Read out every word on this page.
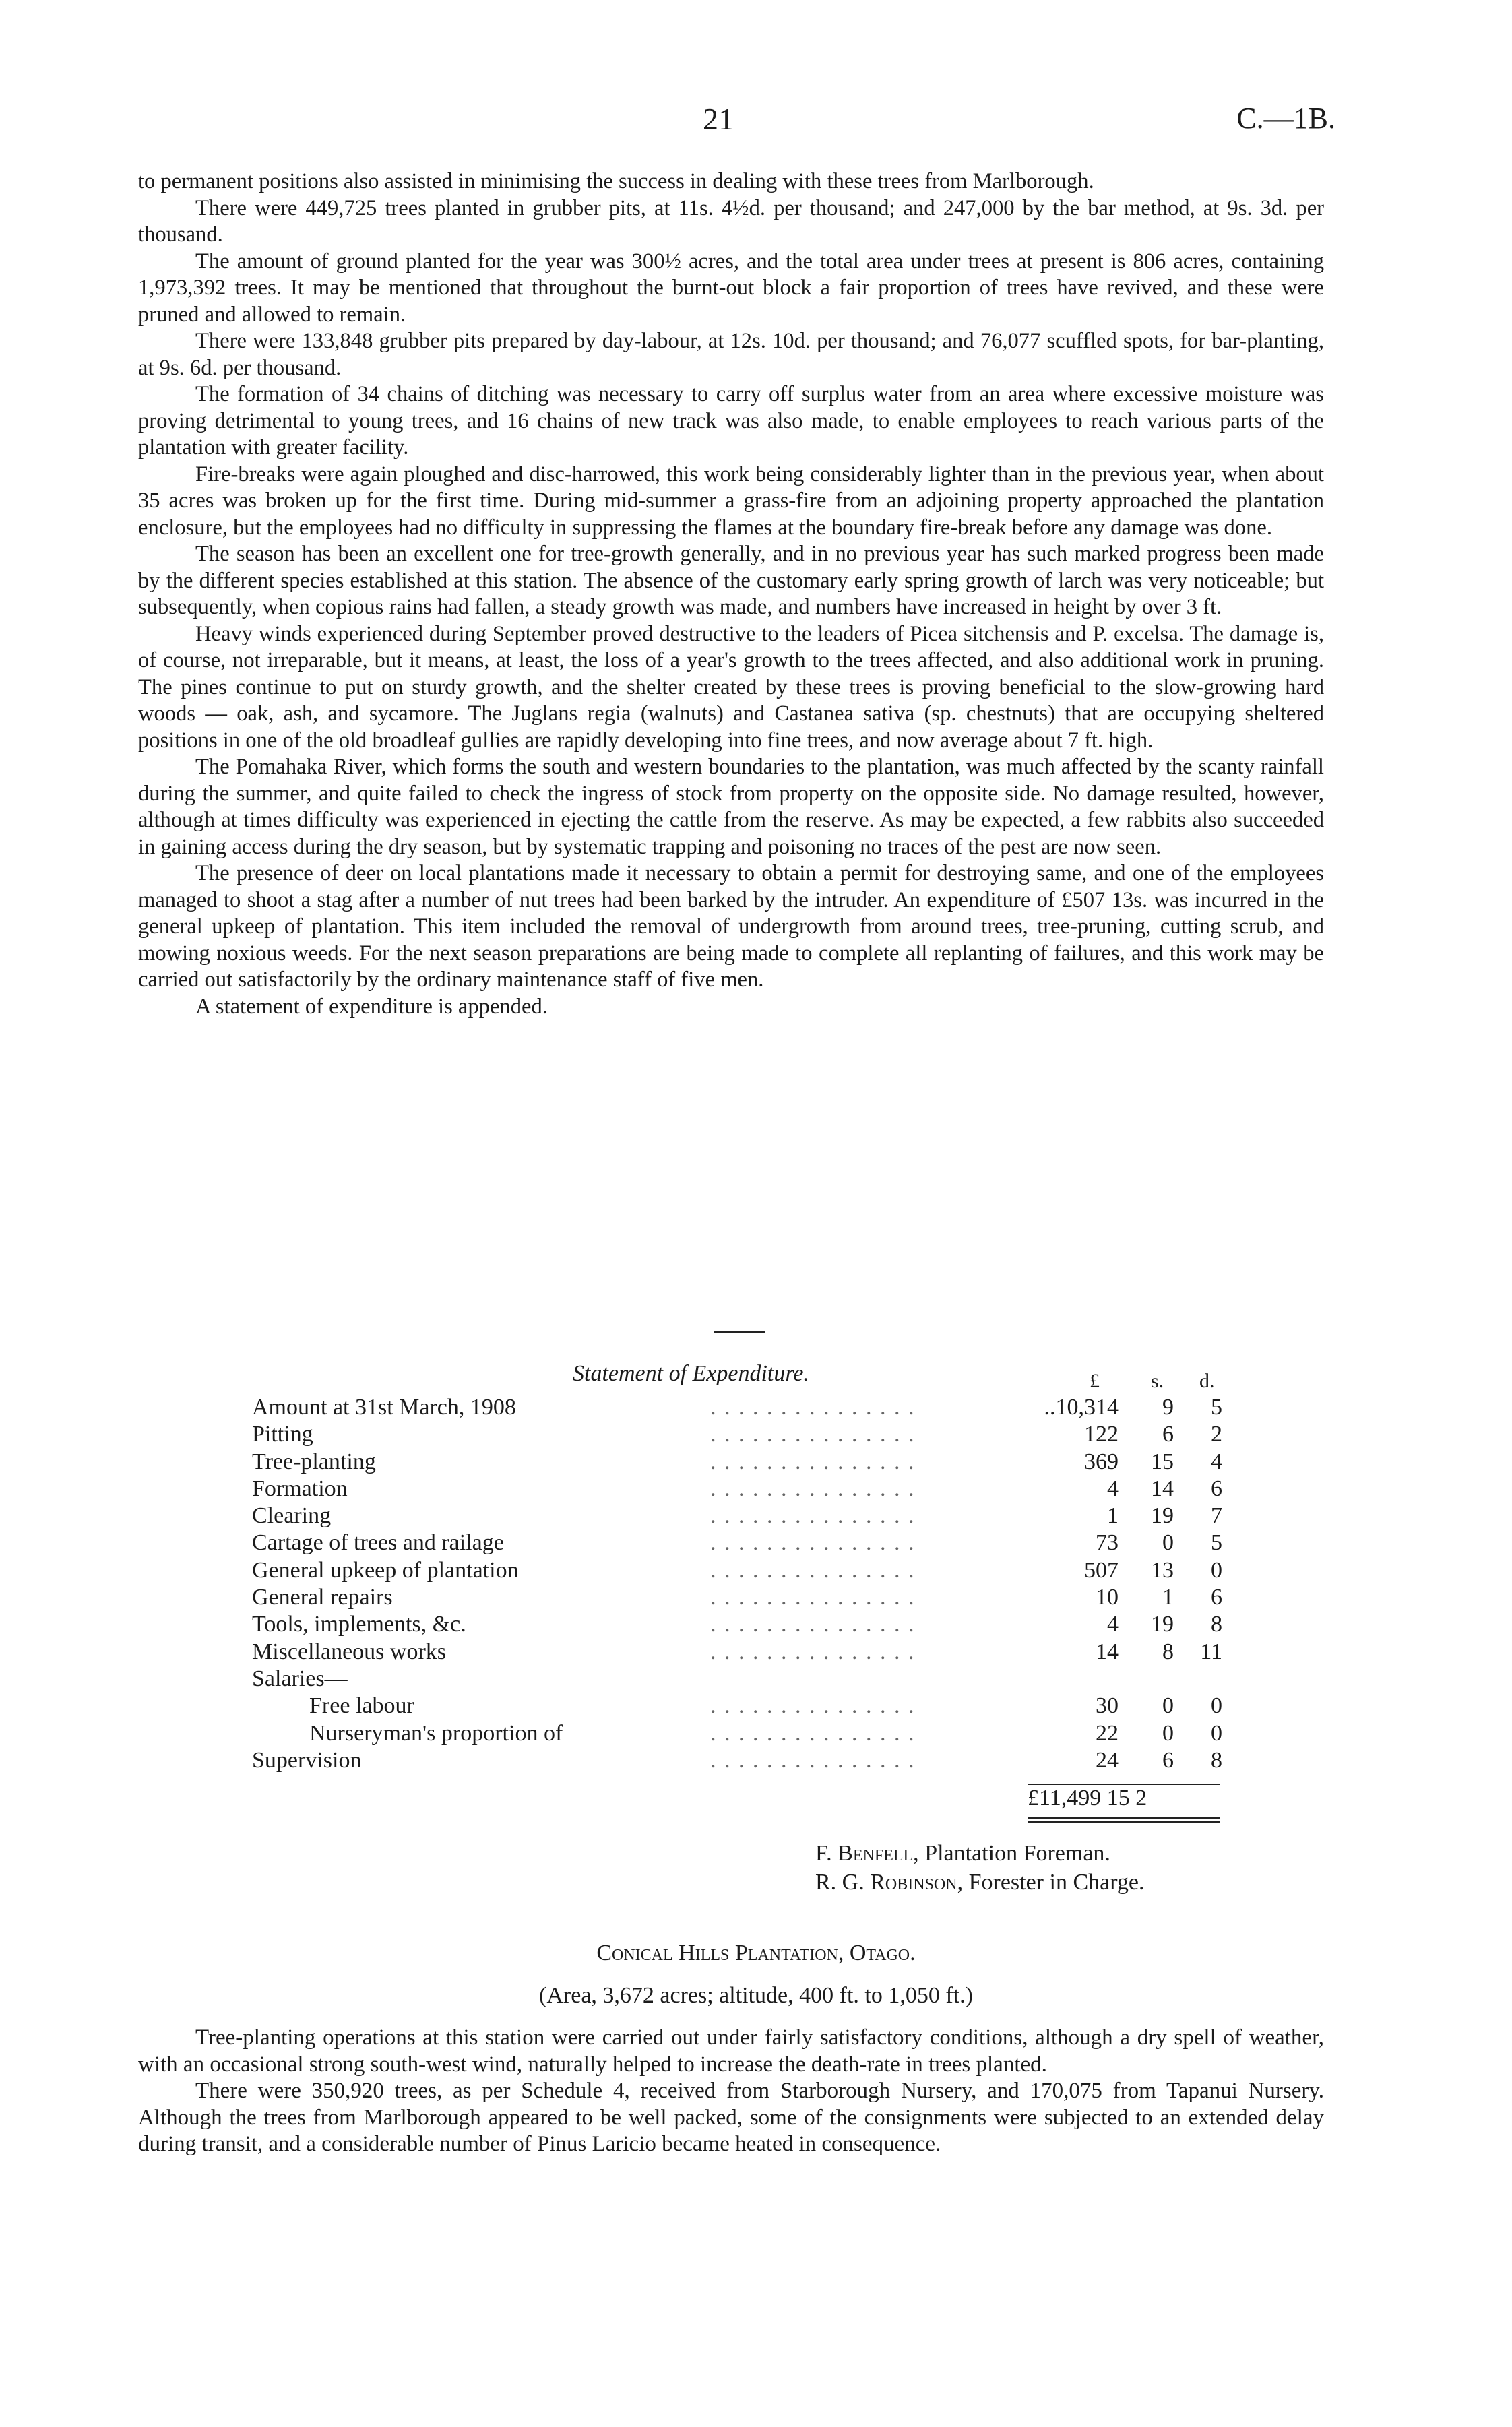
21	C.—1B.

to permanent positions also assisted in minimising the success in dealing with these trees from Marlborough.

There were 449,725 trees planted in grubber pits, at 11s. 4½d. per thousand; and 247,000 by the bar method, at 9s. 3d. per thousand.

The amount of ground planted for the year was 300½ acres, and the total area under trees at present is 806 acres, containing 1,973,392 trees. It may be mentioned that throughout the burnt-out block a fair proportion of trees have revived, and these were pruned and allowed to remain.

There were 133,848 grubber pits prepared by day-labour, at 12s. 10d. per thousand; and 76,077 scuffled spots, for bar-planting, at 9s. 6d. per thousand.

The formation of 34 chains of ditching was necessary to carry off surplus water from an area where excessive moisture was proving detrimental to young trees, and 16 chains of new track was also made, to enable employees to reach various parts of the plantation with greater facility.

Fire-breaks were again ploughed and disc-harrowed, this work being considerably lighter than in the previous year, when about 35 acres was broken up for the first time. During mid-summer a grass-fire from an adjoining property approached the plantation enclosure, but the employees had no difficulty in suppressing the flames at the boundary fire-break before any damage was done.

The season has been an excellent one for tree-growth generally, and in no previous year has such marked progress been made by the different species established at this station. The absence of the customary early spring growth of larch was very noticeable; but subsequently, when copious rains had fallen, a steady growth was made, and numbers have increased in height by over 3 ft.

Heavy winds experienced during September proved destructive to the leaders of Picea sitchensis and P. excelsa. The damage is, of course, not irreparable, but it means, at least, the loss of a year's growth to the trees affected, and also additional work in pruning. The pines continue to put on sturdy growth, and the shelter created by these trees is proving beneficial to the slow-growing hard woods — oak, ash, and sycamore. The Juglans regia (walnuts) and Castanea sativa (sp. chestnuts) that are occupying sheltered positions in one of the old broadleaf gullies are rapidly developing into fine trees, and now average about 7 ft. high.

The Pomahaka River, which forms the south and western boundaries to the plantation, was much affected by the scanty rainfall during the summer, and quite failed to check the ingress of stock from property on the opposite side. No damage resulted, however, although at times difficulty was experienced in ejecting the cattle from the reserve. As may be expected, a few rabbits also succeeded in gaining access during the dry season, but by systematic trapping and poisoning no traces of the pest are now seen.

The presence of deer on local plantations made it necessary to obtain a permit for destroying same, and one of the employees managed to shoot a stag after a number of nut trees had been barked by the intruder. An expenditure of £507 13s. was incurred in the general upkeep of plantation. This item included the removal of undergrowth from around trees, tree-pruning, cutting scrub, and mowing noxious weeds. For the next season preparations are being made to complete all replanting of failures, and this work may be carried out satisfactorily by the ordinary maintenance staff of five men.

A statement of expenditure is appended.

Statement of Expenditure.	£	s. d.
Amount at 31st March, 1908	. . . . . . . . . . . . . . .	..10,314	9	5
Pitting	. . . . . . . . . . . . . . .	122	6	2
Tree-planting	. . . . . . . . . . . . . . .	369	15	4
Formation	. . . . . . . . . . . . . . .	4	14	6
Clearing	. . . . . . . . . . . . . . .	1	19	7
Cartage of trees and railage	. . . . . . . . . . . . . . .	73	0	5
General upkeep of plantation	. . . . . . . . . . . . . . .	507	13	0
General repairs	. . . . . . . . . . . . . . .	10	1	6
Tools, implements, &c.	. . . . . . . . . . . . . . .	4	19	8
Miscellaneous works	. . . . . . . . . . . . . . .	14	8	11
Salaries—
Free labour	. . . . . . . . . . . . . . .	30	0	0
Nurseryman's proportion of	. . . . . . . . . . . . . . .	22	0	0
Supervision	. . . . . . . . . . . . . . .	24	6	8
£11,499 15 2
F. Benfell, Plantation Foreman.
R. G. Robinson, Forester in Charge.
Conical Hills Plantation, Otago.
(Area, 3,672 acres; altitude, 400 ft. to 1,050 ft.)

Tree-planting operations at this station were carried out under fairly satisfactory conditions, although a dry spell of weather, with an occasional strong south-west wind, naturally helped to increase the death-rate in trees planted.

There were 350,920 trees, as per Schedule 4, received from Starborough Nursery, and 170,075 from Tapanui Nursery. Although the trees from Marlborough appeared to be well packed, some of the consignments were subjected to an extended delay during transit, and a considerable number of Pinus Laricio became heated in consequence.
